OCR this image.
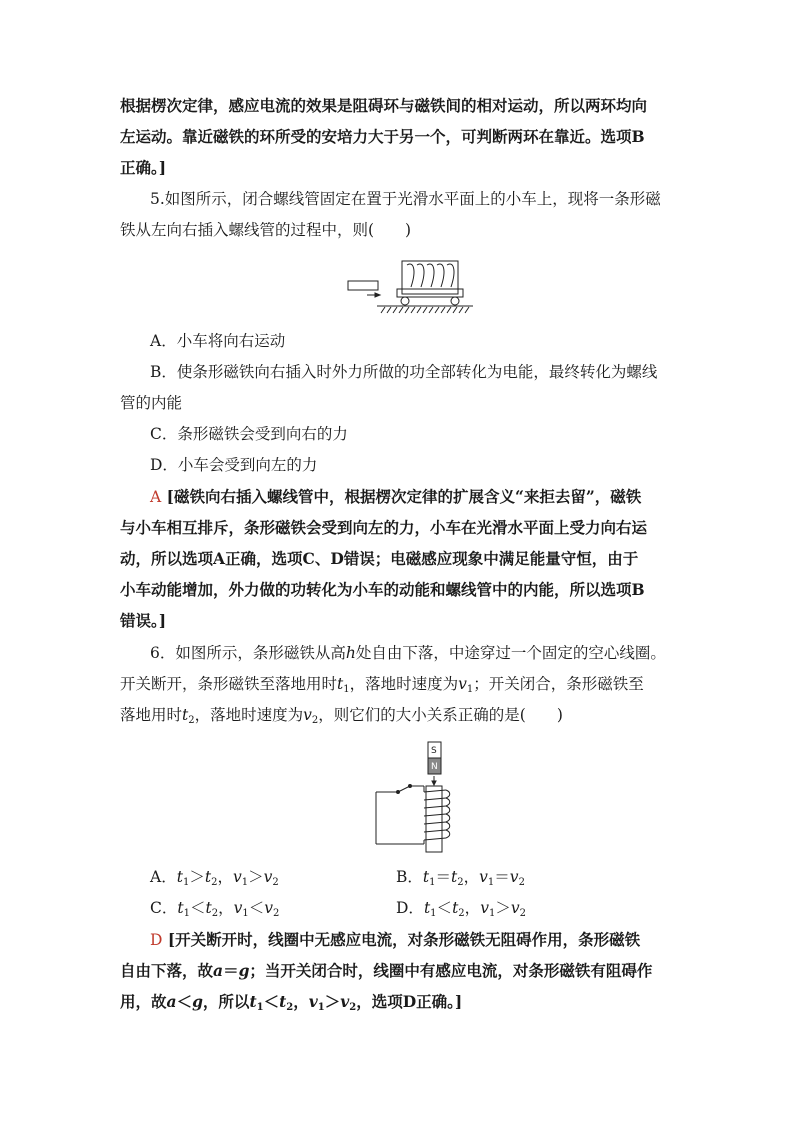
根据楞次定律，感应电流的效果是阻碍环与磁铁间的相对运动，所以两环均向
左运动。靠近磁铁的环所受的安培力大于另一个，可判断两环在靠近。选项B
正确。]
5.如图所示，闭合螺线管固定在置于光滑水平面上的小车上，现将一条形磁
铁从左向右插入螺线管的过程中，则(　　)
A．小车将向右运动
B．使条形磁铁向右插入时外力所做的功全部转化为电能，最终转化为螺线
管的内能
C．条形磁铁会受到向右的力
D．小车会受到向左的力
A [磁铁向右插入螺线管中，根据楞次定律的扩展含义“来拒去留”，磁铁
与小车相互排斥，条形磁铁会受到向左的力，小车在光滑水平面上受力向右运
动，所以选项A正确，选项C、D错误；电磁感应现象中满足能量守恒，由于
小车动能增加，外力做的功转化为小车的动能和螺线管中的内能，所以选项B
错误。]
6．如图所示，条形磁铁从高h处自由下落，中途穿过一个固定的空心线圈。
开关断开，条形磁铁至落地用时$t_1$，落地时速度为$v_1$；开关闭合，条形磁铁至
落地用时$t_2$，落地时速度为$v_2$，则它们的大小关系正确的是(　　)
S
N
A．$t_1>t_2$，$v_1>v_2$	B．$t_1=t_2$，$v_1=v_2$
C．$t_1<t_2$，$v_1<v_2$	D．$t_1<t_2$，$v_1>v_2$
D [开关断开时，线圈中无感应电流，对条形磁铁无阻碍作用，条形磁铁
自由下落，故a＝g；当开关闭合时，线圈中有感应电流，对条形磁铁有阻碍作
用，故a＜g，所以$t_1<t_2$，$v_1>v_2$，选项D正确。]
